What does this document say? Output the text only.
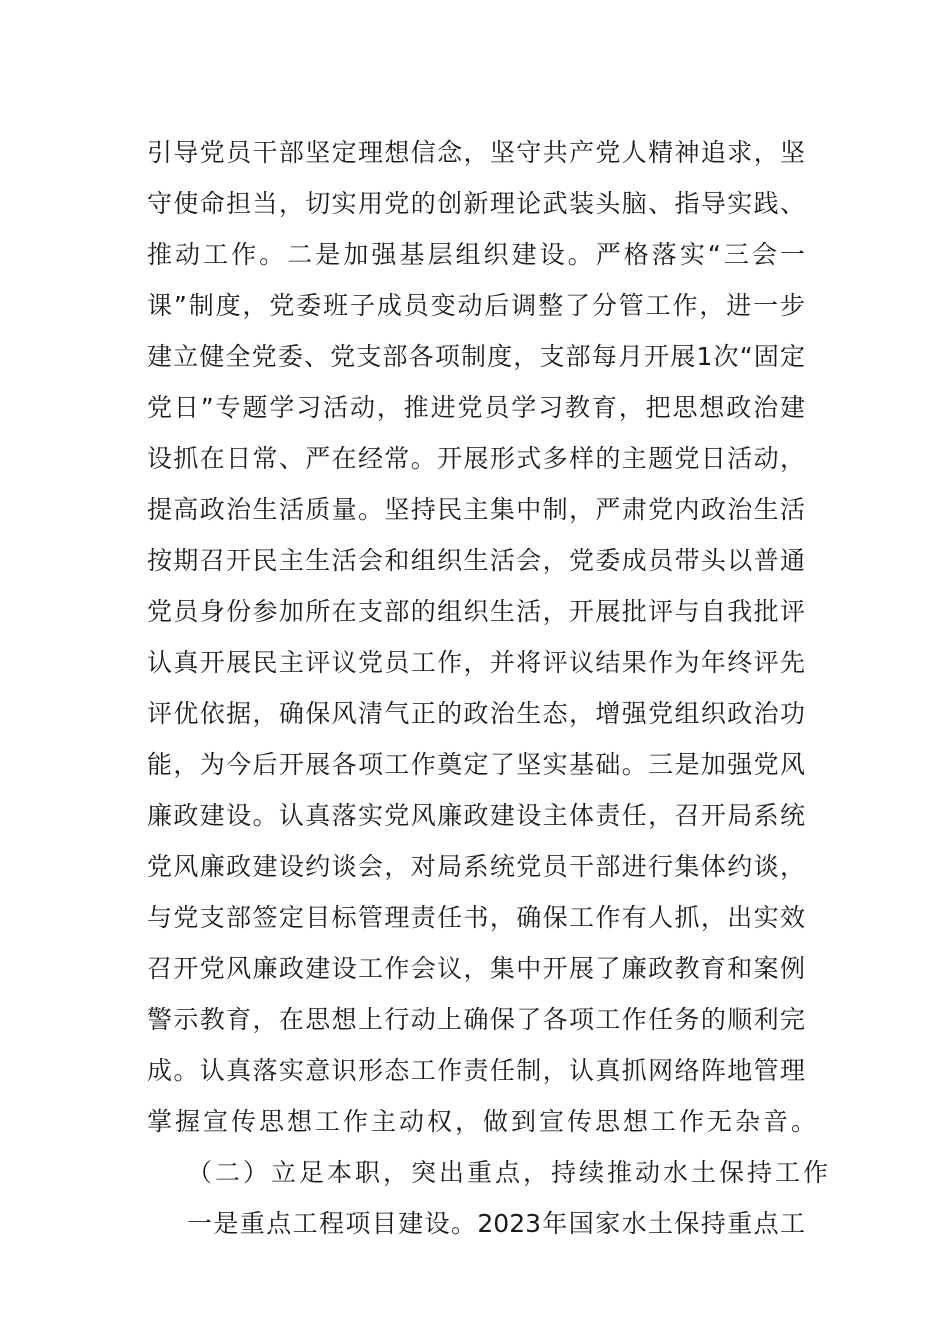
引导党员干部坚定理想信念，坚守共产党人精神追求，坚
守使命担当，切实用党的创新理论武装头脑、指导实践、
推动工作。二是加强基层组织建设。严格落实“三会一
课”制度，党委班子成员变动后调整了分管工作，进一步
建立健全党委、党支部各项制度，支部每月开展1次“固定
党日”专题学习活动，推进党员学习教育，把思想政治建
设抓在日常、严在经常。开展形式多样的主题党日活动，
提高政治生活质量。坚持民主集中制，严肃党内政治生活
按期召开民主生活会和组织生活会，党委成员带头以普通
党员身份参加所在支部的组织生活，开展批评与自我批评
认真开展民主评议党员工作，并将评议结果作为年终评先
评优依据，确保风清气正的政治生态，增强党组织政治功
能，为今后开展各项工作奠定了坚实基础。三是加强党风
廉政建设。认真落实党风廉政建设主体责任，召开局系统
党风廉政建设约谈会，对局系统党员干部进行集体约谈，
与党支部签定目标管理责任书，确保工作有人抓，出实效
召开党风廉政建设工作会议，集中开展了廉政教育和案例
警示教育，在思想上行动上确保了各项工作任务的顺利完
成。认真落实意识形态工作责任制，认真抓网络阵地管理
掌握宣传思想工作主动权，做到宣传思想工作无杂音。
（二）立足本职，突出重点，持续推动水土保持工作
一是重点工程项目建设。2023年国家水土保持重点工
